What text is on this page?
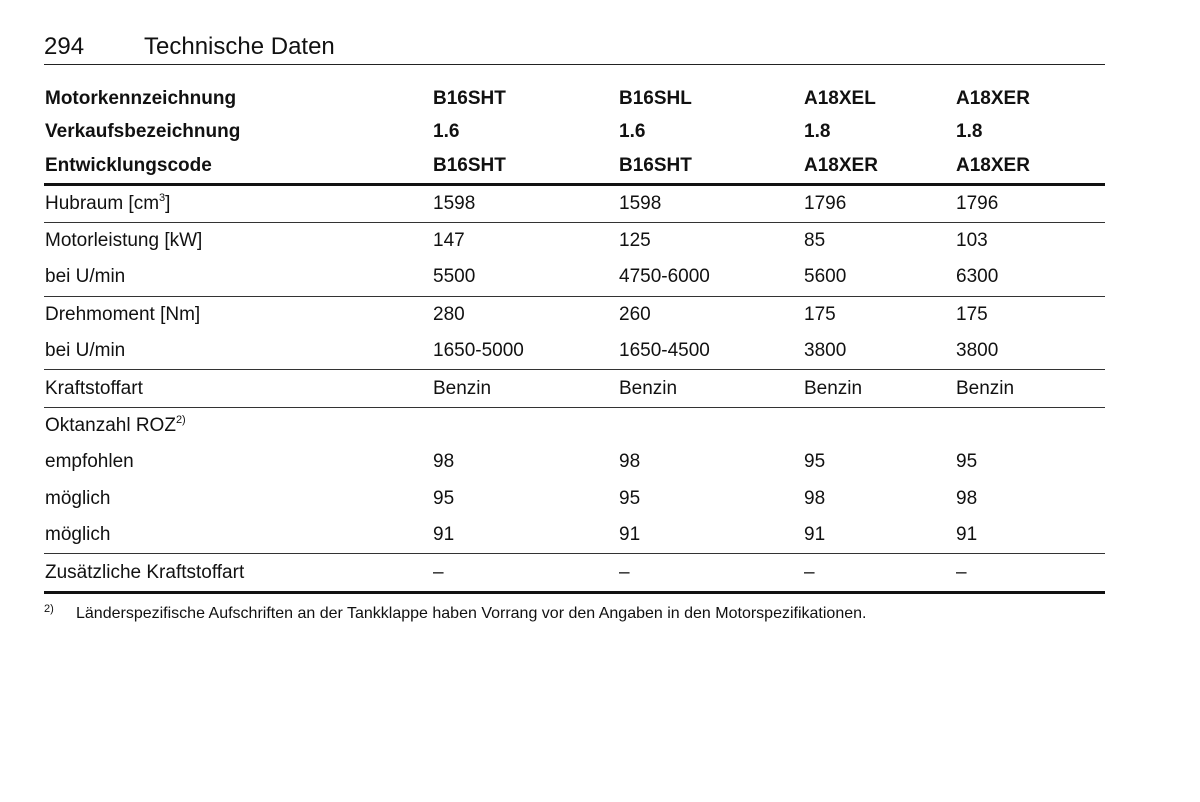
294 Technische Daten
Motorkennzeichnung	B16SHT	B16SHL	A18XEL	A18XER
Verkaufsbezeichnung	1.6	1.6	1.8	1.8
Entwicklungscode	B16SHT	B16SHT	A18XER	A18XER
Hubraum $[cm^3]$	1598	1598	1796	1796
Motorleistung [kW]	147	125	85	103
bei U/min	5500	4750-6000	5600	6300
Drehmoment [Nm]	280	260	175	175
bei U/min	1650-5000	1650-4500	3800	3800
Kraftstoffart	Benzin	Benzin	Benzin	Benzin
Oktanzahl ROZ$^{2)}$				
empfohlen	98	98	95	95
möglich	95	95	98	98
möglich	91	91	91	91
Zusätzliche Kraftstoffart	–	–	–	–
$^{2)}$ Länderspezifische Aufschriften an der Tankklappe haben Vorrang vor den Angaben in den Motorspezifikationen.
